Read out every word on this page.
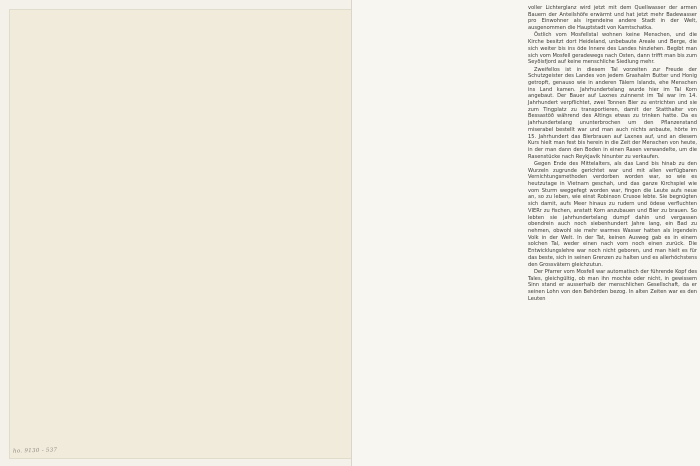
ho. 9130 - 537

voller Lichterglanz wird jetzt mit dem Quellwasser der armen Bauern der Anteilshöfe erwärmt und hat jetzt mehr Badewasser pro Einwohner als irgendeine andere Stadt in der Welt, ausgenommen die Hauptstadt von Kamtschatka.

Östlich vom Mosfellstal wohnen keine Menschen, und die Kirche besitzt dort Heideland, unbebaute Areale und Berge, die sich weiter bis ins öde Innere des Landes hinziehen. Begibt man sich vom Mosfell geradewegs nach Osten, dann trifft man bis zum Seyðisfjord auf keine menschliche Siedlung mehr.

Zweifellos ist in diesem Tal vorzeiten zur Freude der Schutzgeister des Landes von jedem Grashalm Butter und Honig getropft, genauso wie in anderen Tälern Islands, ehe Menschen ins Land kamen. Jahrhundertelang wurde hier im Tal Korn angebaut. Der Bauer auf Laxnes zuinnerst im Tal war im 14. Jahrhundert verpflichtet, zwei Tonnen Bier zu entrichten und sie zum Tingplatz zu transportieren, damit der Statthalter von Bessastöð während des Altings etwas zu trinken hatte. Da es jahrhundertelang ununterbrochen um den Pflanzenstand miserabel bestellt war und man auch nichts anbaute, hörte im 15. Jahrhundert das Bierbrauen auf Laxnes auf, und an diesem Kurs hielt man fest bis herein in die Zeit der Menschen von heute, in der man dann den Boden in einen Rasen verwandelte, um die Rasenstücke nach Reykjavík hinunter zu verkaufen.

Gegen Ende des Mittelalters, als das Land bis hinab zu den Wurzeln zugrunde gerichtet war und mit allen verfügbaren Vernichtungsmethoden verdorben worden war, so wie es heutzutage in Vietnam geschah, und das ganze Kirchspiel wie vom Sturm weggefegt worden war, fingen die Leute aufs neue an, so zu leben, wie einst Robinson Crusoe lebte. Sie begnügten sich damit, aufs Meer hinaus zu rudern und ödese verfluchten VIERr zu fischen, anstatt Korn anzubauen und Bier zu brauen. So lebten sie jahrhundertelang dumpf dahin und vergassen obendrein auch noch siebenhundert Jahre lang, ein Bad zu nehmen, obwohl sie mehr warmes Wasser hatten als irgendein Volk in der Welt. In der Tat, keinen Ausweg gab es in einem solchen Tal, weder einen nach vorn noch einen zurück. Die Entwicklungslehre war noch nicht geboren, und man hielt es für das beste, sich in seinen Grenzen zu halten und es allerhöchstens den Grossvätern gleichzutun.

Der Pfarrer vom Mosfell war automatisch der führende Kopf des Tales, gleichgültig, ob man ihn mochte oder nicht, in gewissem Sinn stand er ausserhalb der menschlichen Gesellschaft, da er seinen Lohn von den Behörden bezog. In alten Zeiten war es den Leuten
